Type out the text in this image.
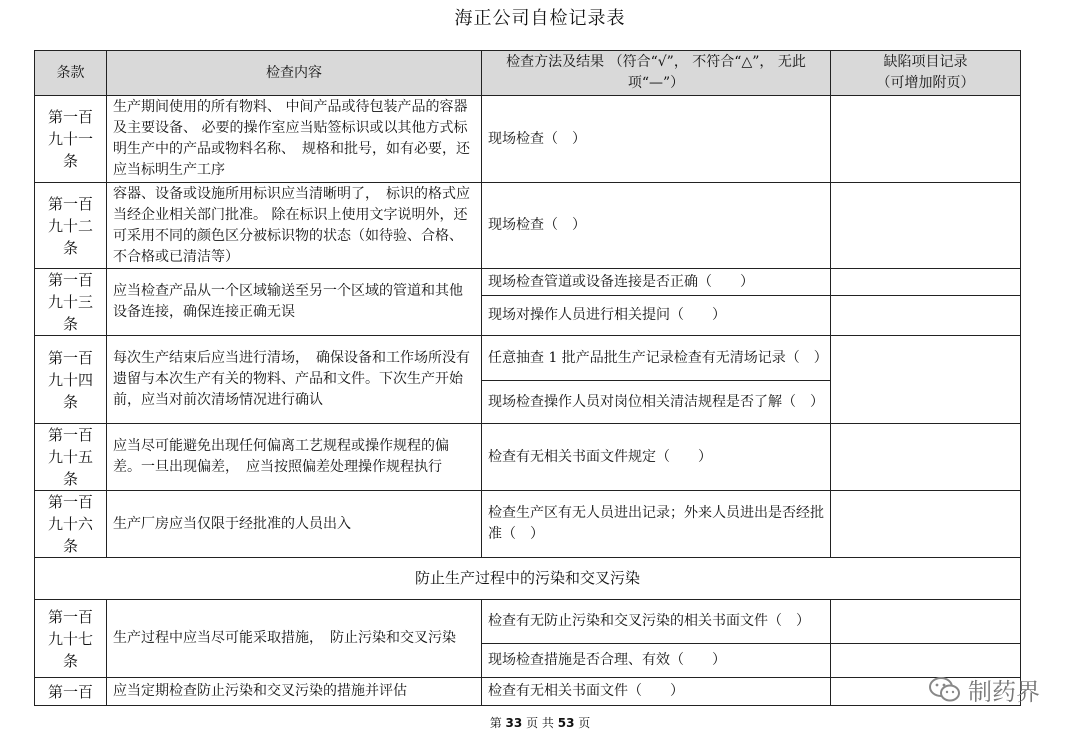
海正公司自检记录表
条款	检查内容	检查方法及结果 （符合“√”， 不符合“△”， 无此项“—”）	缺陷项目记录
（可增加附页）

第一百九十一条	生产期间使用的所有物料、 中间产品或待包装产品的容器及主要设备、 必要的操作室应当贴签标识或以其他方式标明生产中的产品或物料名称、　规格和批号，如有必要，还应当标明生产工序	现场检查（　）	
第一百九十二条	容器、设备或设施所用标识应当清晰明了，　标识的格式应当经企业相关部门批准。 除在标识上使用文字说明外，还可采用不同的颜色区分被标识物的状态（如待验、合格、不合格或已清洁等）	现场检查（　）	
第一百九十三条	应当检查产品从一个区域输送至另一个区域的管道和其他设备连接，确保连接正确无误	现场检查管道或设备连接是否正确（　　）	
		现场对操作人员进行相关提问（　　）	
第一百九十四条	每次生产结束后应当进行清场，　确保设备和工作场所没有遗留与本次生产有关的物料、产品和文件。下次生产开始前，应当对前次清场情况进行确认	任意抽查 1 批产品批生产记录检查有无清场记录（　）	
		现场检查操作人员对岗位相关清洁规程是否了解（　）	
第一百九十五条	应当尽可能避免出现任何偏离工艺规程或操作规程的偏差。一旦出现偏差，　应当按照偏差处理操作规程执行	检查有无相关书面文件规定（　　）	
第一百九十六条	生产厂房应当仅限于经批准的人员出入	检查生产区有无人员进出记录；外来人员进出是否经批准（　）	
防止生产过程中的污染和交叉污染			
第一百九十七条	生产过程中应当尽可能采取措施，　防止污染和交叉污染	检查有无防止污染和交叉污染的相关书面文件（　）	
		现场检查措施是否合理、有效（　　）	
第一百	应当定期检查防止污染和交叉污染的措施并评估	检查有无相关书面文件（　　）	
第 33 页 共 53 页
制药界
